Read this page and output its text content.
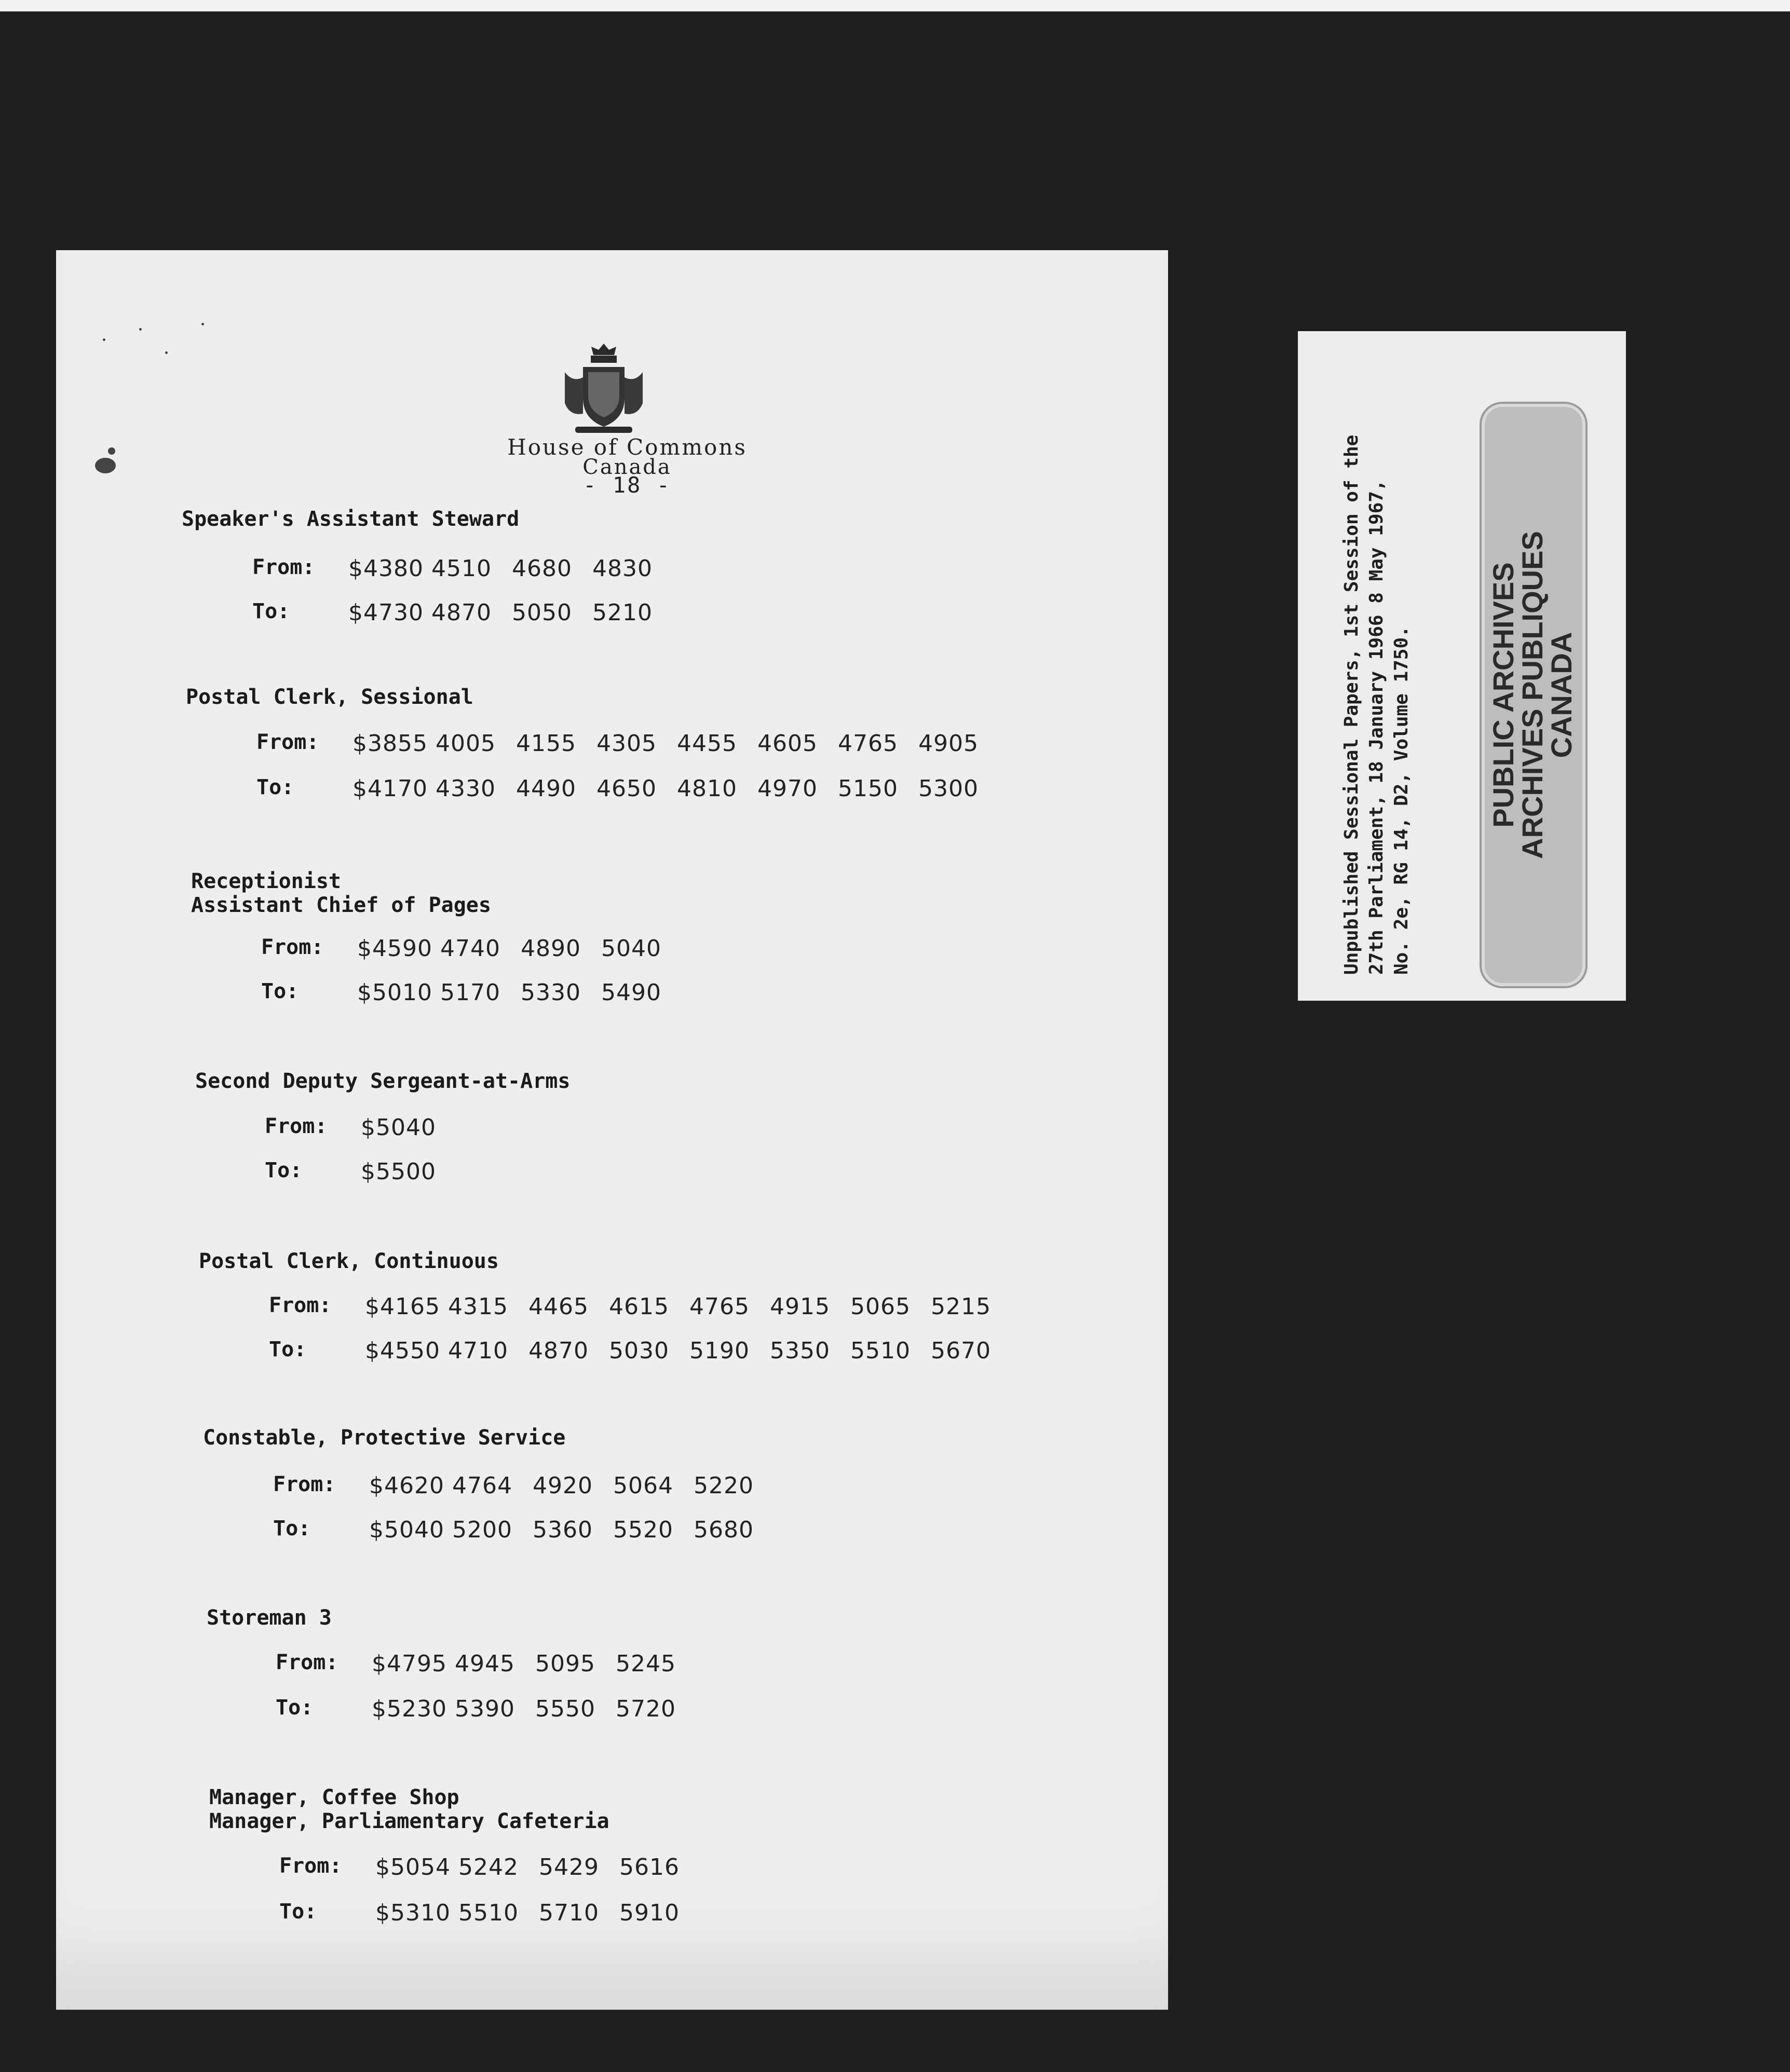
House of Commons
Canada
- 18 -
Speaker's Assistant Steward
From: $4380 4510 4680 4830
To:	$4730 4870 5050 5210
Postal Clerk, Sessional
From: $3855 4005 4155 4305 4455 4605 4765 4905
To:	$4170 4330 4490 4650 4810 4970 5150 5300
Receptionist
Assistant Chief of Pages
From: $4590 4740 4890 5040
To:	$5010 5170 5330 5490
Second Deputy Sergeant-at-Arms
From: $5040
To:	$5500
Postal Clerk, Continuous
From: $4165 4315 4465 4615 4765 4915 5065 5215
To:	$4550 4710 4870 5030 5190 5350 5510 5670
Constable, Protective Service
From: $4620 4764 4920 5064 5220
To:	$5040 5200 5360 5520 5680
Storeman 3
From: $4795 4945 5095 5245
To:	$5230 5390 5550 5720
Manager, Coffee Shop
Manager, Parliamentary Cafeteria
From: $5054 5242 5429 5616
To:	$5310 5510 5710 5910
Unpublished Sessional Papers, 1st Session of the 27th Parliament, 18 January 1966 8 May 1967, No. 2e, RG 14, D2, Volume 1750.	PUBLIC ARCHIVES
ARCHIVES PUBLIQUES
CANADA
